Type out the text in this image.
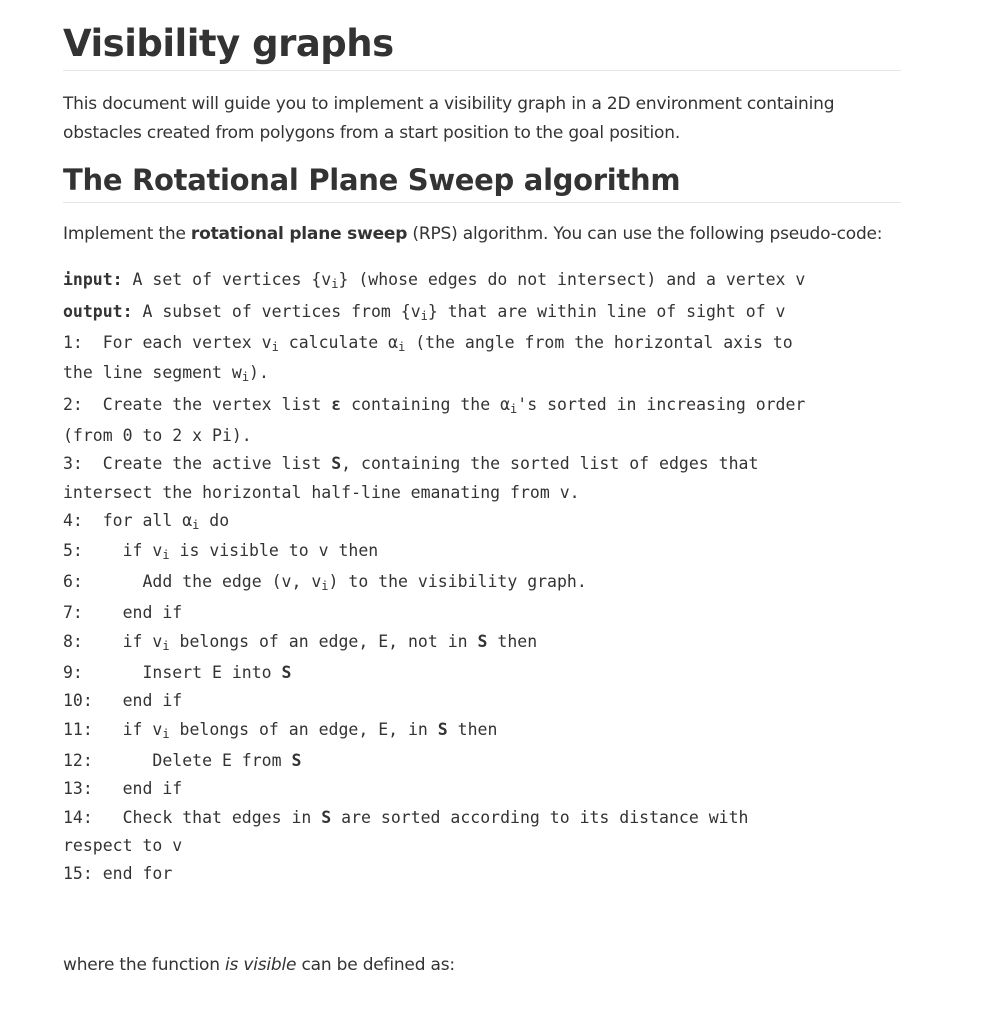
Visibility graphs

This document will guide you to implement a visibility graph in a 2D environment containing obstacles created from polygons from a start position to the goal position.

The Rotational Plane Sweep algorithm

Implement the rotational plane sweep (RPS) algorithm. You can use the following pseudo-code:

input: A set of vertices $\{v_i\}$ (whose edges do not intersect) and a vertex v
output: A subset of vertices from $\{v_i\}$ that are within line of sight of v
1:  For each vertex $v_i$ calculate $\alpha_i$ (the angle from the horizontal axis to
the line segment $w_i$).
2:  Create the vertex list ε containing the $\alpha_i's$ sorted in increasing order
(from 0 to 2 x Pi).
3:  Create the active list S, containing the sorted list of edges that
intersect the horizontal half-line emanating from v.
4:  for all $\alpha_i$ do
5:    if $v_i$ is visible to v then
6:      Add the edge (v, $v_i$) to the visibility graph.
7:    end if
8:    if $v_i$ belongs of an edge, E, not in S then
9:      Insert E into S
10:   end if
11:   if $v_i$ belongs of an edge, E, in S then
12:      Delete E from S
13:   end if
14:   Check that edges in S are sorted according to its distance with
respect to v
15: end for

where the function is visible can be defined as:
